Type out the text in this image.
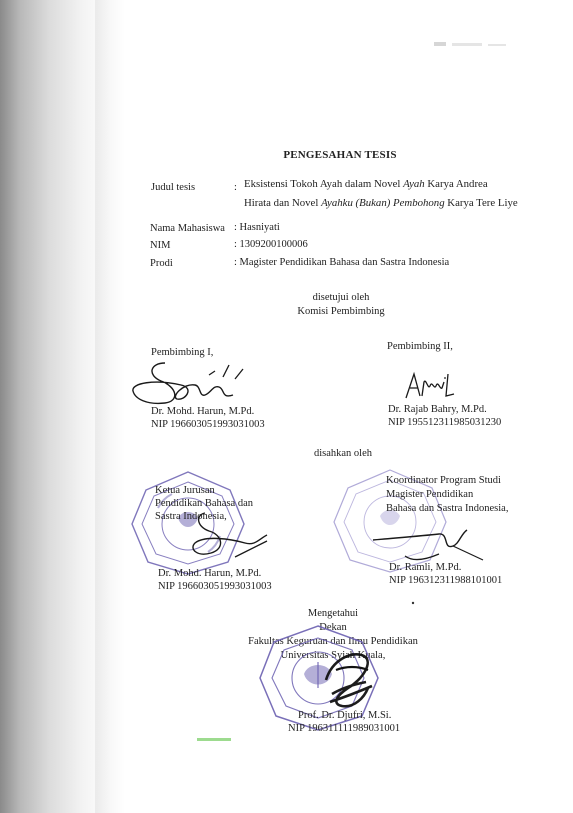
PENGESAHAN TESIS
Judul tesis	: Eksistensi Tokoh Ayah dalam Novel Ayah Karya Andrea
Hirata dan Novel Ayahku (Bukan) Pembohong Karya Tere Liye
Nama Mahasiswa : Hasniyati
NIM	: 1309200100006
Prodi	: Magister Pendidikan Bahasa dan Sastra Indonesia
disetujui oleh
Komisi Pembimbing
Pembimbing I,
Dr. Mohd. Harun, M.Pd.
NIP 196603051993031003
Pembimbing II,
Dr. Rajab Bahry, M.Pd.
NIP 195512311985031230
disahkan oleh
Ketua Jurusan
Pendidikan Bahasa dan
Sastra Indonesia,
Dr. Mohd. Harun, M.Pd.
NIP 196603051993031003
Koordinator Program Studi
Magister Pendidikan
Bahasa dan Sastra Indonesia,
Dr. Ramli, M.Pd.
NIP 196312311988101001
Mengetahui
Dekan
Fakultas Keguruan dan Ilmu Pendidikan
Universitas Syiah Kuala,
Prof. Dr. Djufri, M.Si.
NIP 196311111989031001
